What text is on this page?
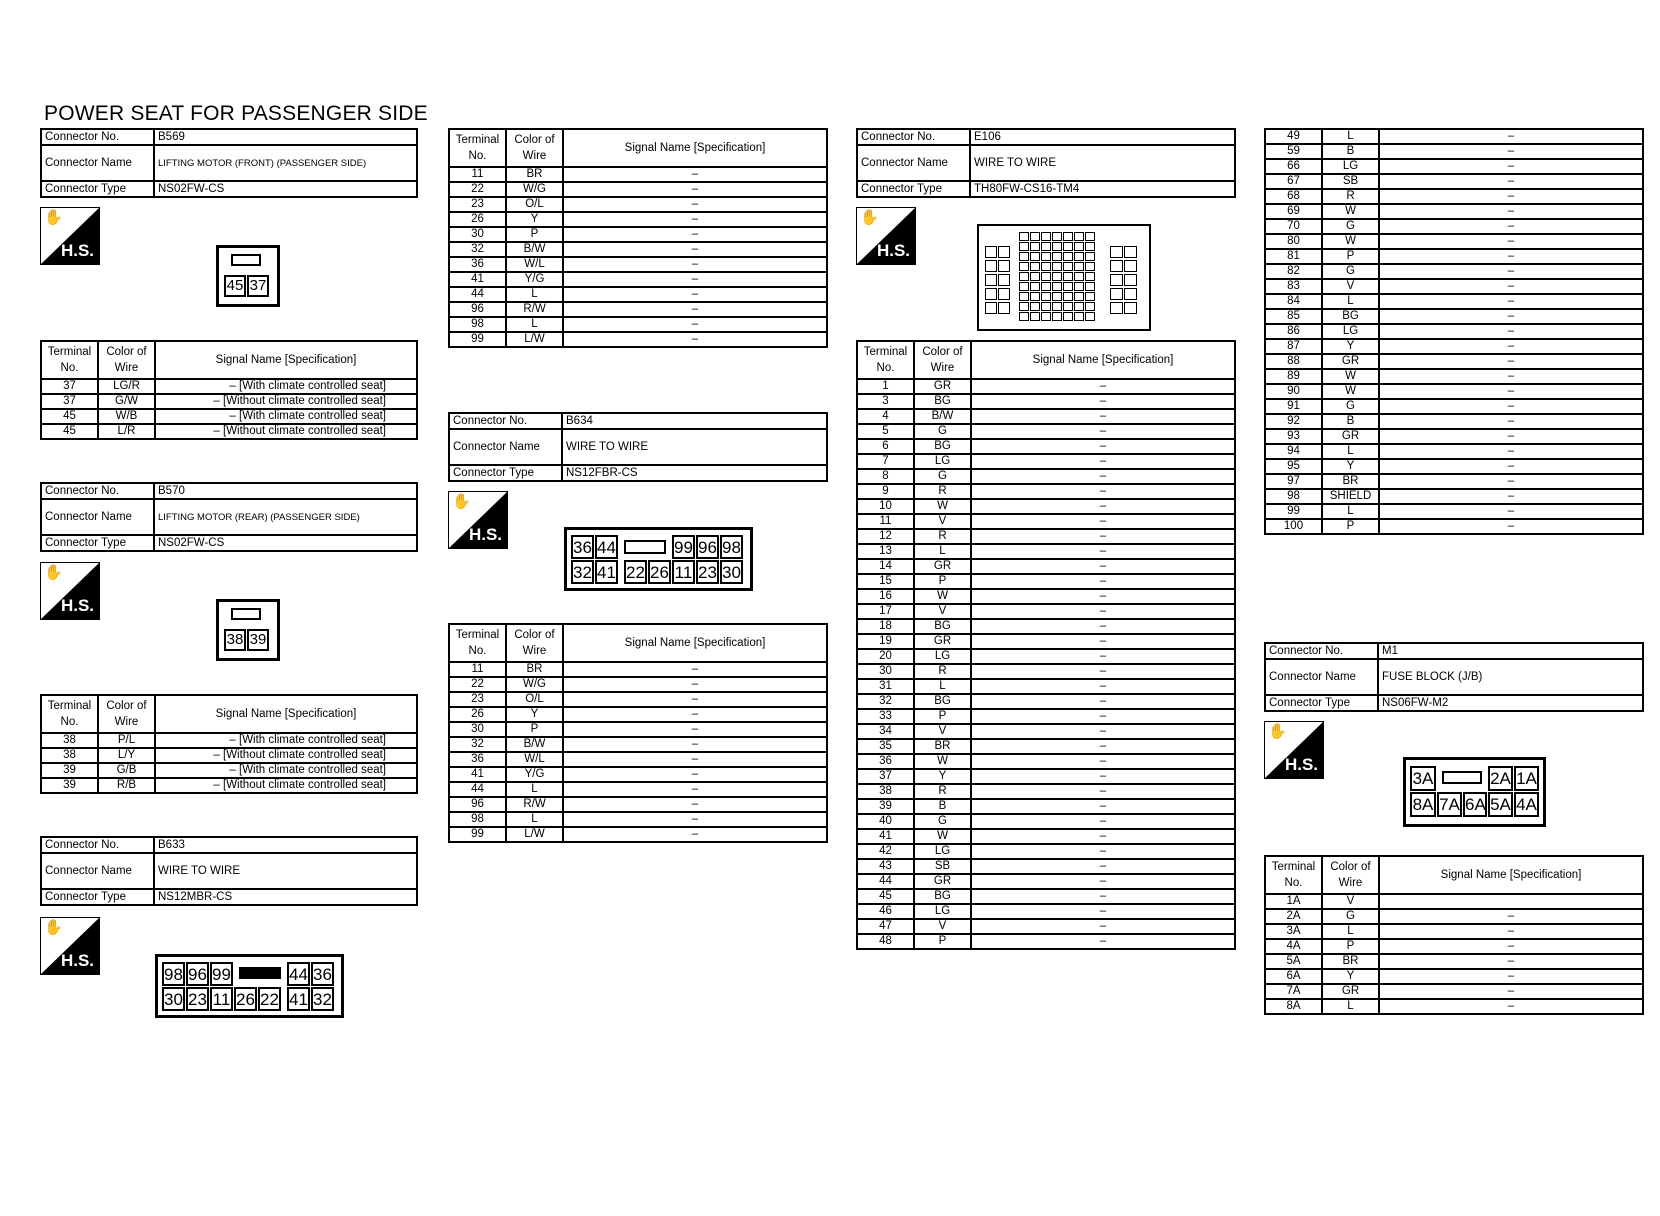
POWER SEAT FOR PASSENGER SIDE
Connector No.	B569
Connector Name	LIFTING MOTOR (FRONT) (PASSENGER SIDE)
Connector Type	NS02FW-CS
✋
H.S.
45 37
Terminal No.	Color of Wire	Signal Name [Specification]
37	LG/R	– [With climate controlled seat]
37	G/W	– [Without climate controlled seat]
45	W/B	– [With climate controlled seat]
45	L/R	– [Without climate controlled seat]
Connector No.	B570
Connector Name	LIFTING MOTOR (REAR) (PASSENGER SIDE)
Connector Type	NS02FW-CS
✋
H.S.
38 39
Terminal No.	Color of Wire	Signal Name [Specification]
38	P/L	– [With climate controlled seat]
38	L/Y	– [Without climate controlled seat]
39	G/B	– [With climate controlled seat]
39	R/B	– [Without climate controlled seat]
Connector No.	B633
Connector Name	WIRE TO WIRE
Connector Type	NS12MBR-CS
✋
H.S.
98 96 99	44 36
30 23 11 26 22 41 32
Terminal No.	Color of Wire	Signal Name [Specification]
11	BR	–
22	W/G	–
23	O/L	–
26	Y	–
30	P	–
32	B/W	–
36	W/L	–
41	Y/G	–
44	L	–
96	R/W	–
98	L	–
99	L/W	–
Connector No.	B634
Connector Name	WIRE TO WIRE
Connector Type	NS12FBR-CS
✋
H.S.
36 44	99 96 98
32 41 22 26 11 23 30
Terminal No.	Color of Wire	Signal Name [Specification]
11	BR	–
22	W/G	–
23	O/L	–
26	Y	–
30	P	–
32	B/W	–
36	W/L	–
41	Y/G	–
44	L	–
96	R/W	–
98	L	–
99	L/W	–
Connector No.	E106
Connector Name	WIRE TO WIRE
Connector Type	TH80FW-CS16-TM4
✋
H.S.
Terminal No.	Color of Wire	Signal Name [Specification]
1	GR	–
3	BG	–
4	B/W	–
5	G	–
6	BG	–
7	LG	–
8	G	–
9	R	–
10	W	–
11	V	–
12	R	–
13	L	–
14	GR	–
15	P	–
16	W	–
17	V	–
18	BG	–
19	GR	–
20	LG	–
30	R	–
31	L	–
32	BG	–
33	P	–
34	V	–
35	BR	–
36	W	–
37	Y	–
38	R	–
39	B	–
40	G	–
41	W	–
42	LG	–
43	SB	–
44	GR	–
45	BG	–
46	LG	–
47	V	–
48	P	–
49	L	–
59	B	–
66	LG	–
67	SB	–
68	R	–
69	W	–
70	G	–
80	W	–
81	P	–
82	G	–
83	V	–
84	L	–
85	BG	–
86	LG	–
87	Y	–
88	GR	–
89	W	–
90	W	–
91	G	–
92	B	–
93	GR	–
94	L	–
95	Y	–
97	BR	–
98	SHIELD	–
99	L	–
100	P	–
Connector No.	M1
Connector Name	FUSE BLOCK (J/B)
Connector Type	NS06FW-M2
✋
H.S.
3A	2A 1A
8A 7A 6A 5A 4A
Terminal No.	Color of Wire	Signal Name [Specification]
1A	V	
2A	G	–
3A	L	–
4A	P	–
5A	BR	–
6A	Y	–
7A	GR	–
8A	L	–
